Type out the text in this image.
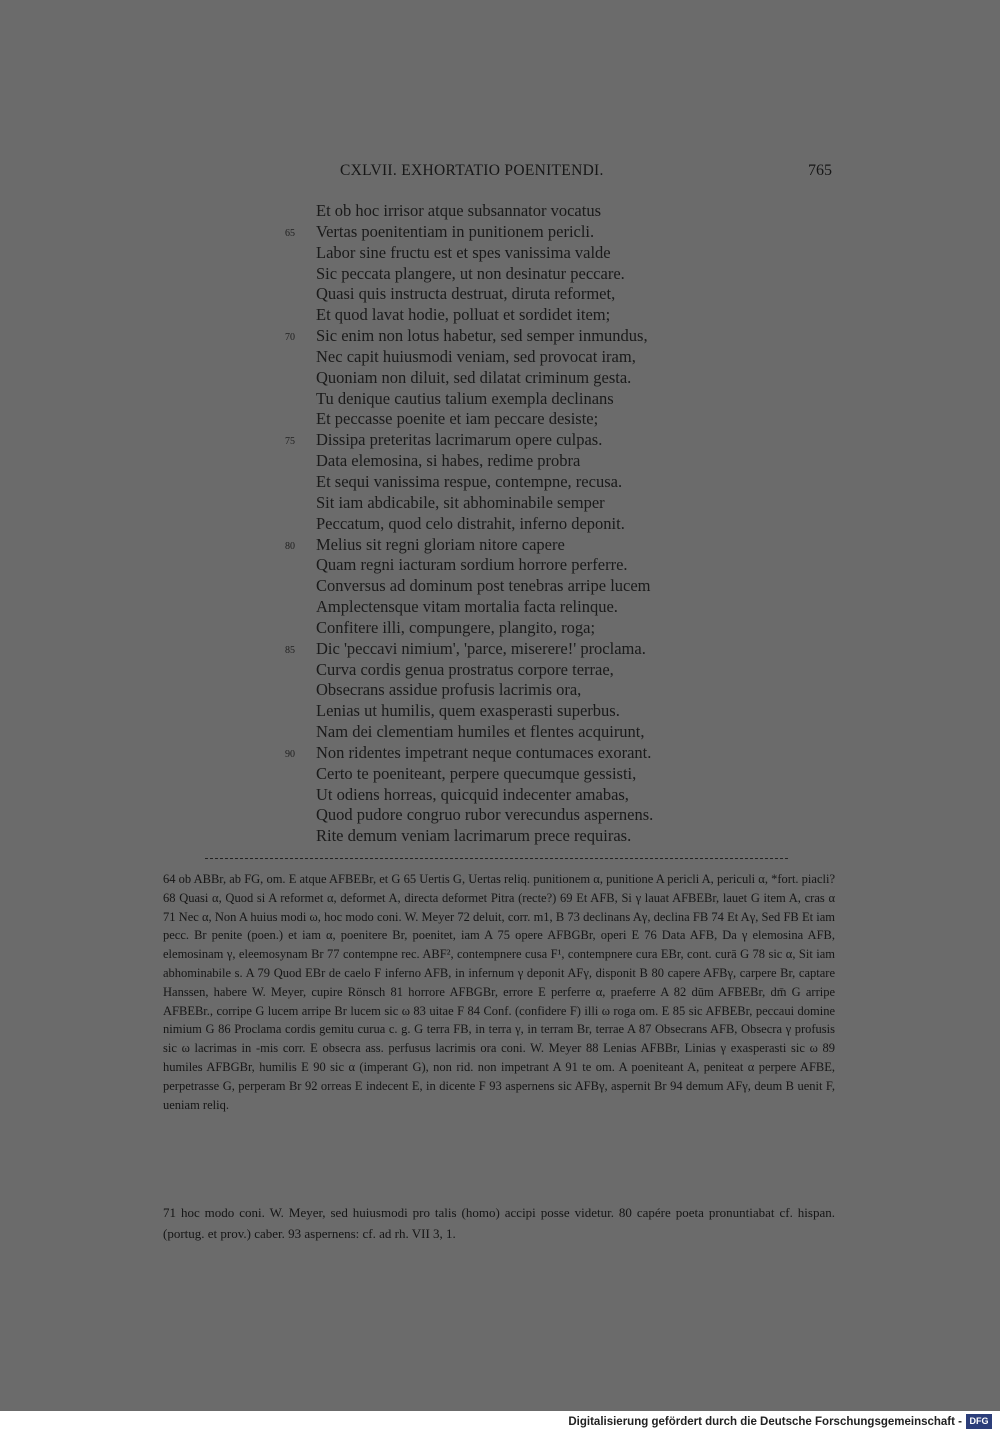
CXLVII. EXHORTATIO POENITENDI.	765
Et ob hoc irrisor atque subsannator vocatus
65 Vertas poenitentiam in punitionem pericli.
Labor sine fructu est et spes vanissima valde
Sic peccata plangere, ut non desinatur peccare.
Quasi quis instructa destruat, diruta reformet,
Et quod lavat hodie, polluat et sordidet item;
70 Sic enim non lotus habetur, sed semper inmundus,
Nec capit huiusmodi veniam, sed provocat iram,
Quoniam non diluit, sed dilatat criminum gesta.
Tu denique cautius talium exempla declinans
Et peccasse poenite et iam peccare desiste;
75 Dissipa preteritas lacrimarum opere culpas.
Data elemosina, si habes, redime probra
Et sequi vanissima respue, contempne, recusa.
Sit iam abdicabile, sit abhominabile semper
Peccatum, quod celo distrahit, inferno deponit.
80 Melius sit regni gloriam nitore capere
Quam regni iacturam sordium horrore perferre.
Conversus ad dominum post tenebras arripe lucem
Amplectensque vitam mortalia facta relinque.
Confitere illi, compungere, plangito, roga;
85 Dic 'peccavi nimium', 'parce, miserere!' proclama.
Curva cordis genua prostratus corpore terrae,
Obsecrans assidue profusis lacrimis ora,
Lenias ut humilis, quem exasperasti superbus.
Nam dei clementiam humiles et flentes acquirunt,
90 Non ridentes impetrant neque contumaces exorant.
Certo te poeniteant, perpere quecumque gessisti,
Ut odiens horreas, quicquid indecenter amabas,
Quod pudore congruo rubor verecundus aspernens.
Rite demum veniam lacrimarum prece requiras.
64 ob ABBr, ab FG, om. E atque AFBEBr, et G 65 Uertis G, Uertas reliq. punitionem α, punitione A pericli A, periculi α, *fort. piacli? 68 Quasi α, Quod si A reformet α, deformet A, directa deformet Pitra (recte?) 69 Et AFB, Si γ lauat AFBEBr, lauet G item A, cras α 71 Nec α, Non A huius modi ω, hoc modo coni. W. Meyer 72 deluit, corr. m1, B 73 declinans Aγ, declina FB 74 Et Aγ, Sed FB Et iam pecc. Br penite (poen.) et iam α, poenitere Br, poenitet, iam A 75 opere AFBGBr, operi E 76 Data AFB, Da γ elemosina AFB, elemosinam γ, eleemosynam Br 77 contempne rec. ABF², contempnere cusa F¹, contempnere cura EBr, cont. curā G 78 sic α, Sit iam abhominabile s. A 79 Quod EBr de caelo F inferno AFB, in infernum γ deponit AFγ, disponit B 80 capere AFBγ, carpere Br, captare Hanssen, habere W. Meyer, cupire Rönsch 81 horrore AFBGBr, errore E perferre α, praeferre A 82 dūm AFBEBr, dm̄ G arripe AFBEBr., corripe G lucem arripe Br lucem sic ω 83 uitae F 84 Conf. (confidere F) illi ω roga om. E 85 sic AFBEBr, peccaui domine nimium G 86 Proclama cordis gemitu curua c. g. G terra FB, in terra γ, in terram Br, terrae A 87 Obsecrans AFB, Obsecra γ profusis sic ω lacrimas in -mis corr. E obsecra ass. perfusus lacrimis ora coni. W. Meyer 88 Lenias AFBBr, Linias γ exasperasti sic ω 89 humiles AFBGBr, humilis E 90 sic α (imperant G), non rid. non impetrant A 91 te om. A poeniteant A, peniteat α perpere AFBE, perpetrasse G, perperam Br 92 orreas E indecent E, in dicente F 93 aspernens sic AFBγ, aspernit Br 94 demum AFγ, deum B uenit F, ueniam reliq.
71 hoc modo coni. W. Meyer, sed huiusmodi pro talis (homo) accipi posse videtur. 80 capére poeta pronuntiabat cf. hispan. (portug. et prov.) caber. 93 aspernens: cf. ad rh. VII 3, 1.
Digitalisierung gefördert durch die Deutsche Forschungsgemeinschaft - DFG
